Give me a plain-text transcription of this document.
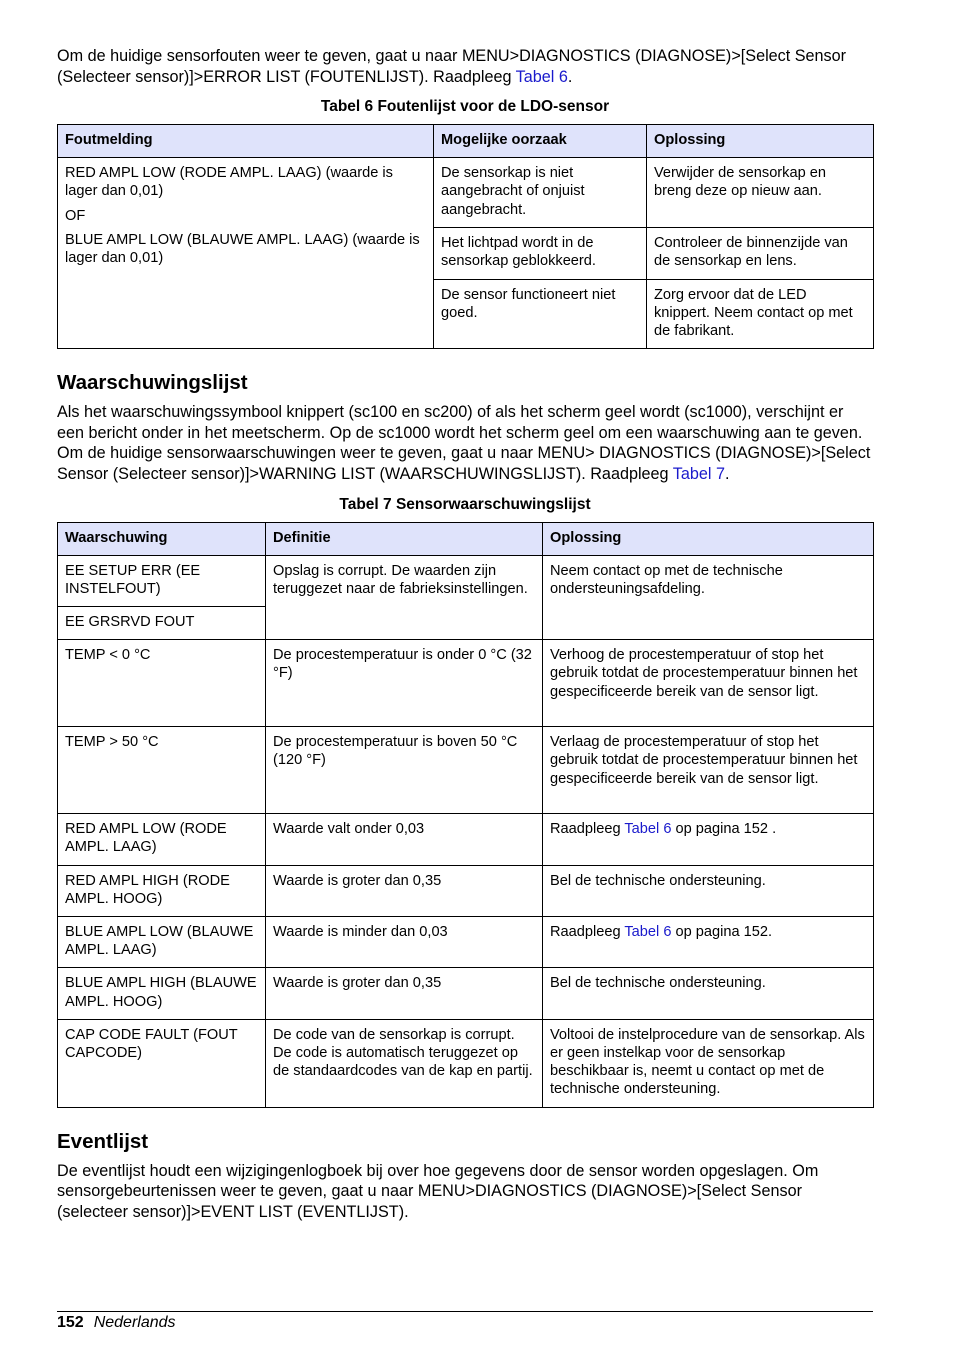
Om de huidige sensorfouten weer te geven, gaat u naar MENU>DIAGNOSTICS (DIAGNOSE)>[Select Sensor (Selecteer sensor)]>ERROR LIST (FOUTENLIJST). Raadpleeg Tabel 6.

Tabel 6 Foutenlijst voor de LDO-sensor

Foutmelding	Mogelijke oorzaak	Oplossing

RED AMPL LOW (RODE AMPL. LAAG) (waarde is lager dan 0,01)

OF

BLUE AMPL LOW (BLAUWE AMPL. LAAG) (waarde is lager dan 0,01)	De sensorkap is niet aangebracht of onjuist aangebracht.	Verwijder de sensorkap en breng deze op nieuw aan.
	Het lichtpad wordt in de sensorkap geblokkeerd.	Controleer de binnenzijde van de sensorkap en lens.
	De sensor functioneert niet goed.	Zorg ervoor dat de LED knippert. Neem contact op met de fabrikant.
Waarschuwingslijst

Als het waarschuwingssymbool knippert (sc100 en sc200) of als het scherm geel wordt (sc1000), verschijnt er een bericht onder in het meetscherm. Op de sc1000 wordt het scherm geel om een waarschuwing aan te geven. Om de huidige sensorwaarschuwingen weer te geven, gaat u naar MENU> DIAGNOSTICS (DIAGNOSE)>[Select Sensor (Selecteer sensor)]>WARNING LIST (WAARSCHUWINGSLIJST). Raadpleeg Tabel 7.

Tabel 7 Sensorwaarschuwingslijst

Waarschuwing	Definitie	Oplossing
EE SETUP ERR (EE INSTELFOUT)	Opslag is corrupt. De waarden zijn teruggezet naar de fabrieksinstellingen.	Neem contact op met de technische ondersteuningsafdeling.
EE GRSRVD FOUT		
TEMP < 0 °C	De procestemperatuur is onder 0 °C (32 °F)	Verhoog de procestemperatuur of stop het gebruik totdat de procestemperatuur binnen het gespecificeerde bereik van de sensor ligt.
TEMP > 50 °C	De procestemperatuur is boven 50 °C (120 °F)	Verlaag de procestemperatuur of stop het gebruik totdat de procestemperatuur binnen het gespecificeerde bereik van de sensor ligt.
RED AMPL LOW (RODE AMPL. LAAG)	Waarde valt onder 0,03	Raadpleeg Tabel 6 op pagina 152 .
RED AMPL HIGH (RODE AMPL. HOOG)	Waarde is groter dan 0,35	Bel de technische ondersteuning.
BLUE AMPL LOW (BLAUWE AMPL. LAAG)	Waarde is minder dan 0,03	Raadpleeg Tabel 6 op pagina 152.
BLUE AMPL HIGH (BLAUWE AMPL. HOOG)	Waarde is groter dan 0,35	Bel de technische ondersteuning.
CAP CODE FAULT (FOUT CAPCODE)	De code van de sensorkap is corrupt. De code is automatisch teruggezet op de standaardcodes van de kap en partij.	Voltooi de instelprocedure van de sensorkap. Als er geen instelkap voor de sensorkap beschikbaar is, neemt u contact op met de technische ondersteuning.
Eventlijst

De eventlijst houdt een wijzigingenlogboek bij over hoe gegevens door de sensor worden opgeslagen. Om sensorgebeurtenissen weer te geven, gaat u naar MENU>DIAGNOSTICS (DIAGNOSE)>[Select Sensor (selecteer sensor)]>EVENT LIST (EVENTLIJST).

152 Nederlands
